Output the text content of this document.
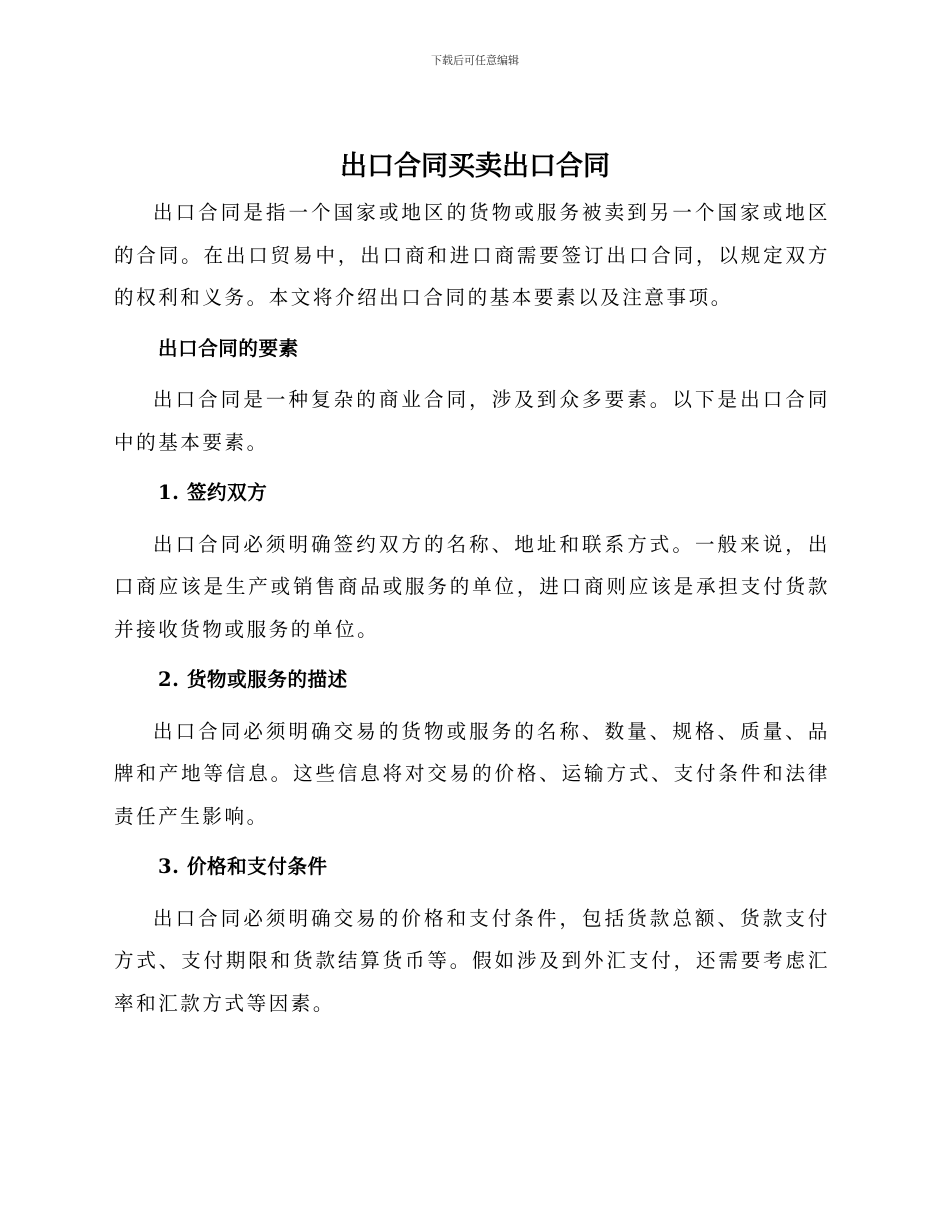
下载后可任意编辑
出口合同买卖出口合同

出口合同是指一个国家或地区的货物或服务被卖到另一个国家或地区的合同。在出口贸易中，出口商和进口商需要签订出口合同，以规定双方的权利和义务。本文将介绍出口合同的基本要素以及注意事项。

出口合同的要素

出口合同是一种复杂的商业合同，涉及到众多要素。以下是出口合同中的基本要素。

1. 签约双方

出口合同必须明确签约双方的名称、地址和联系方式。一般来说，出口商应该是生产或销售商品或服务的单位，进口商则应该是承担支付货款并接收货物或服务的单位。

2. 货物或服务的描述

出口合同必须明确交易的货物或服务的名称、数量、规格、质量、品牌和产地等信息。这些信息将对交易的价格、运输方式、支付条件和法律责任产生影响。

3. 价格和支付条件

出口合同必须明确交易的价格和支付条件，包括货款总额、货款支付方式、支付期限和货款结算货币等。假如涉及到外汇支付，还需要考虑汇率和汇款方式等因素。
